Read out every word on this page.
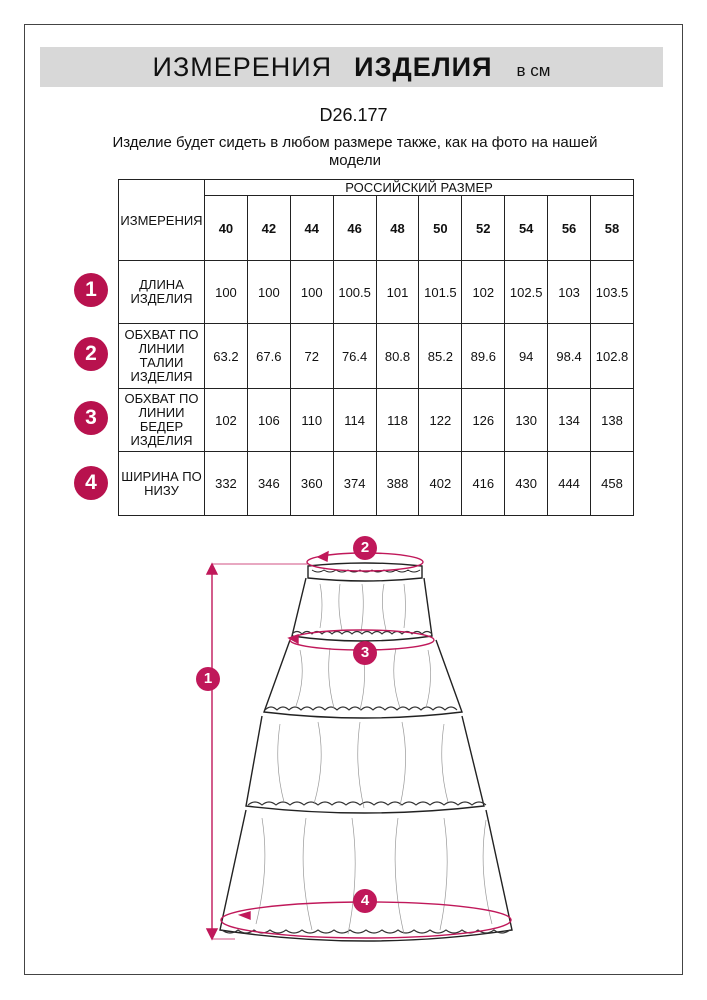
ИЗМЕРЕНИЯ ИЗДЕЛИЯ в см
D26.177
Изделие будет сидеть в любом размере также, как на фото на нашей модели
ИЗМЕРЕНИЯ	РОССИЙСКИЙ РАЗМЕР									
	40	42	44	46	48	50	52	54	56	58
ДЛИНА ИЗДЕЛИЯ	100	100	100	100.5	101	101.5	102	102.5	103	103.5
ОБХВАТ ПО ЛИНИИ ТАЛИИ ИЗДЕЛИЯ	63.2	67.6	72	76.4	80.8	85.2	89.6	94	98.4	102.8
ОБХВАТ ПО ЛИНИИ БЕДЕР ИЗДЕЛИЯ	102	106	110	114	118	122	126	130	134	138
ШИРИНА ПО НИЗУ	332	346	360	374	388	402	416	430	444	458
1
2
3
4
1
2
3
4
